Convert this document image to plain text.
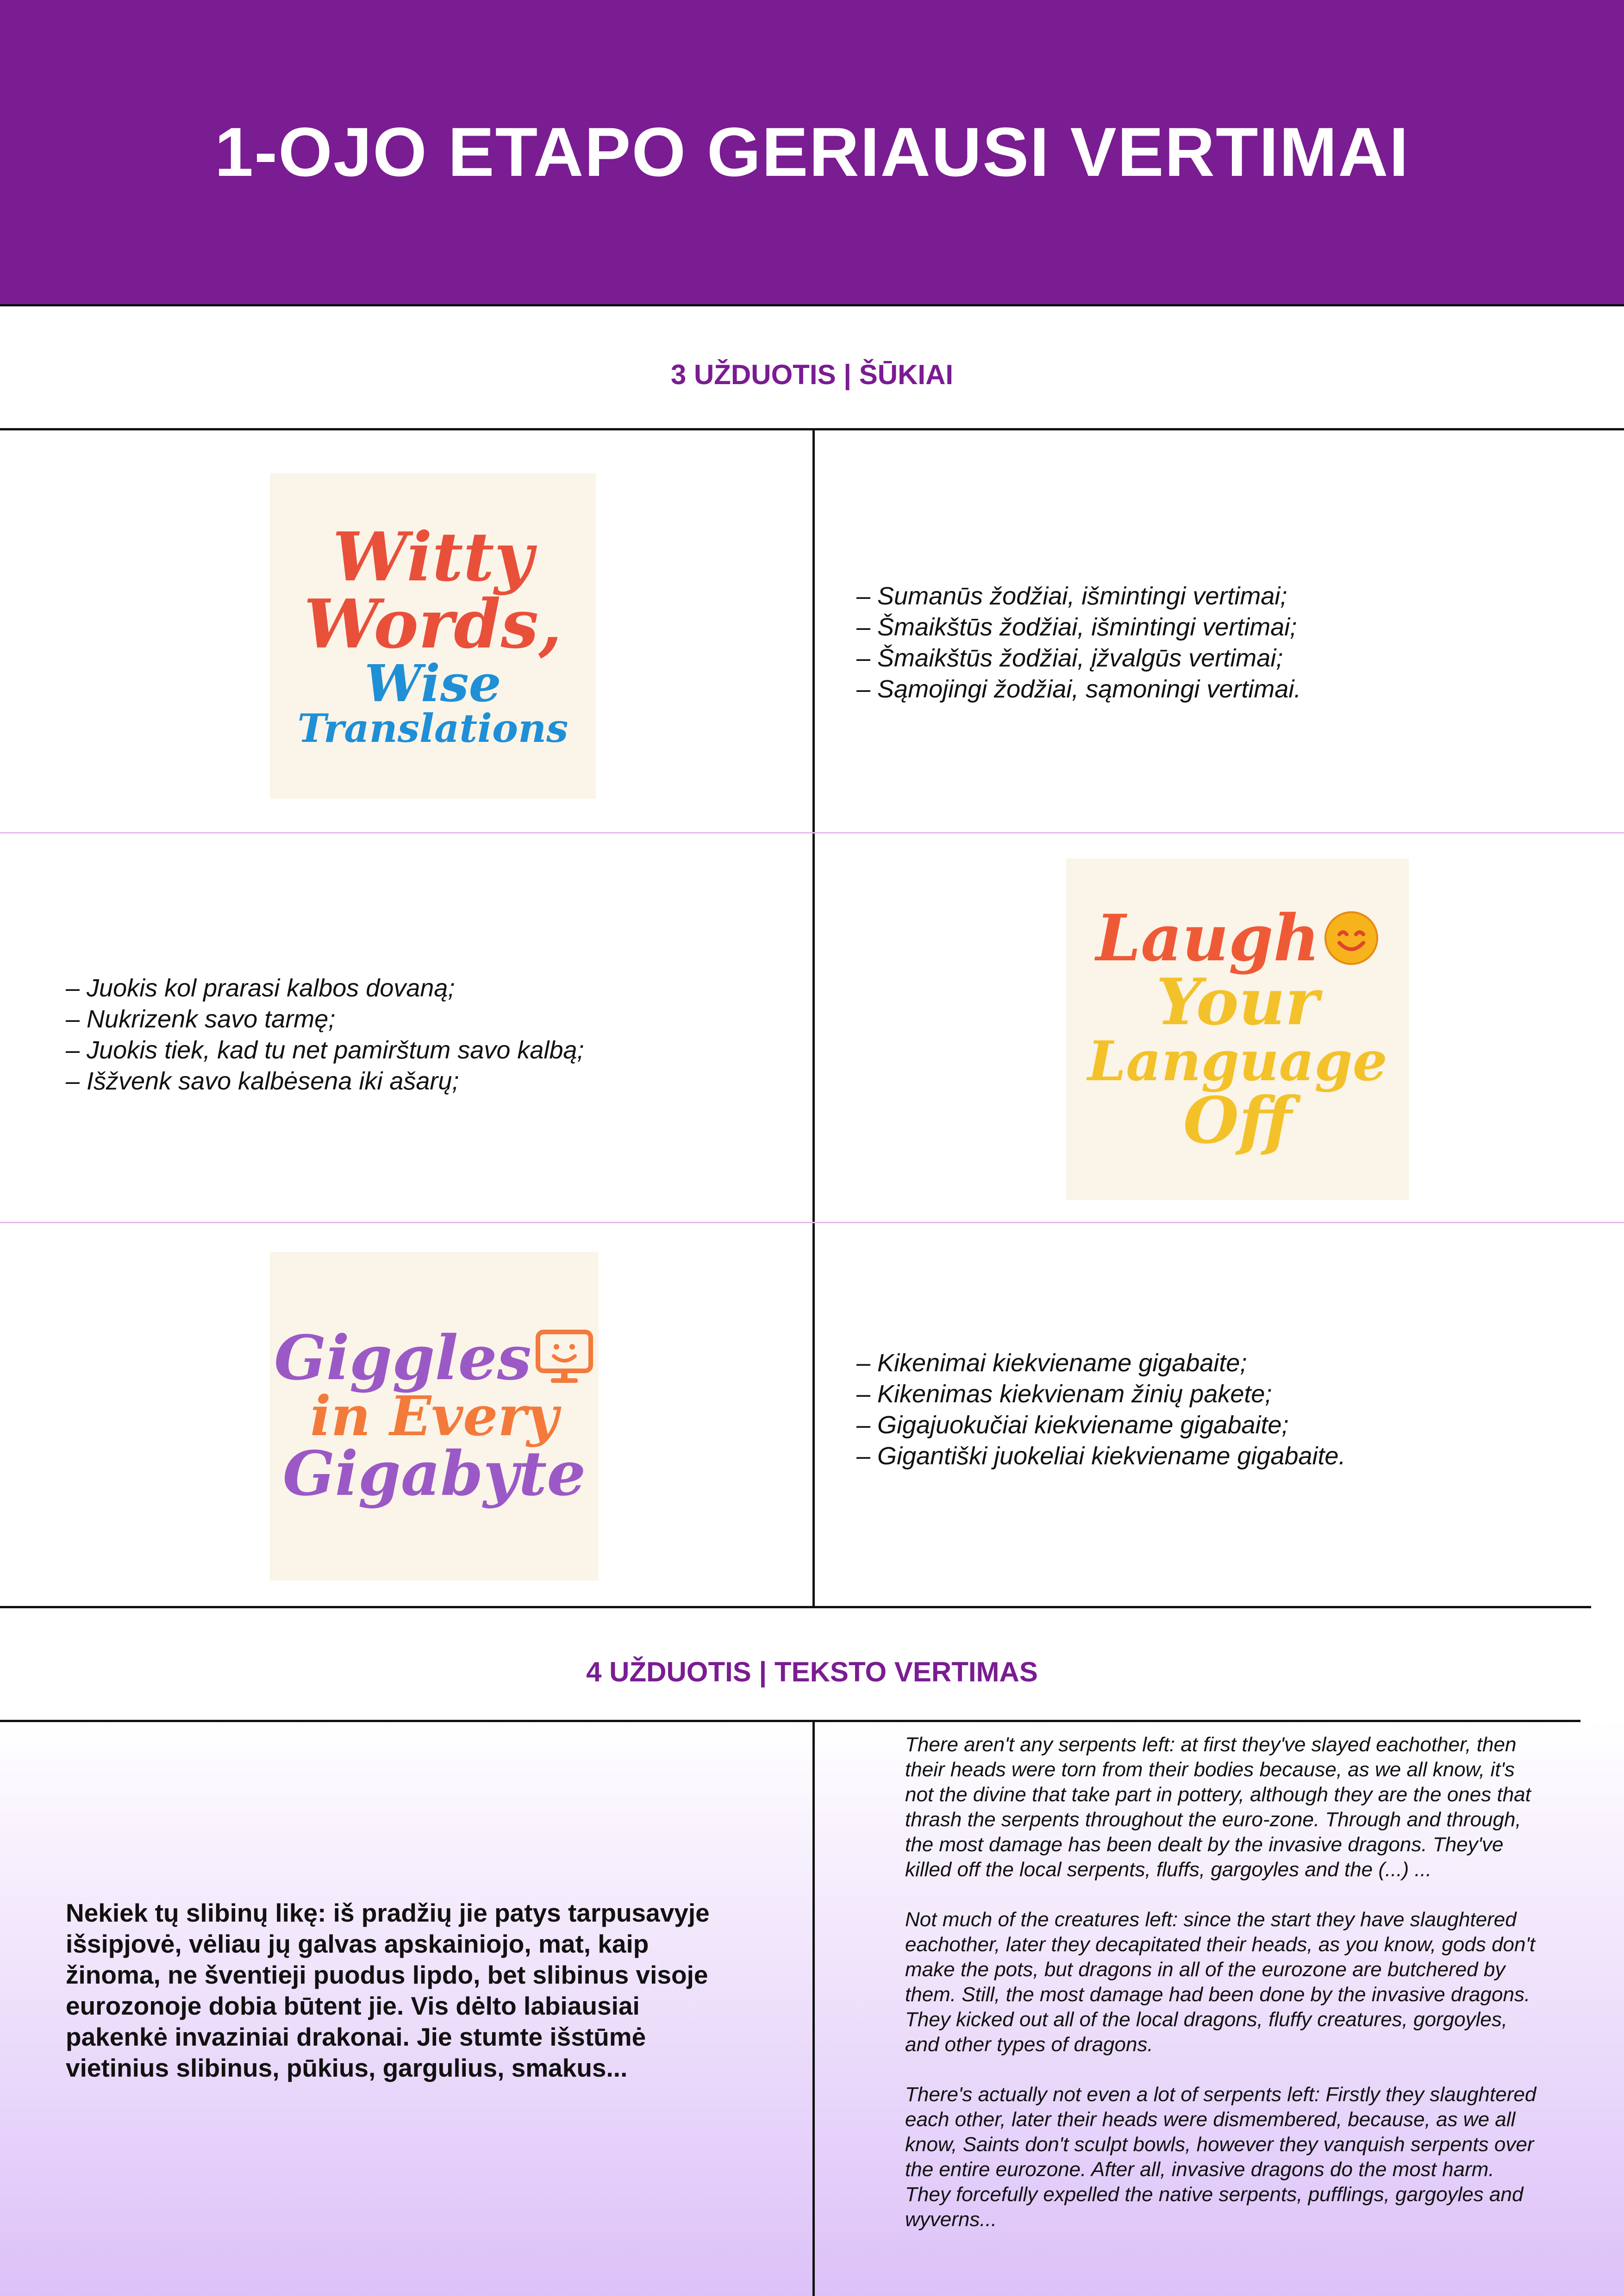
1-OJO ETAPO GERIAUSI VERTIMAI
3 UŽDUOTIS | ŠŪKIAI
Witty
Words,
Wise
Translations
– Sumanūs žodžiai, išmintingi vertimai;
– Šmaikštūs žodžiai, išmintingi vertimai;
– Šmaikštūs žodžiai, įžvalgūs vertimai;
– Sąmojingi žodžiai, sąmoningi vertimai.
– Juokis kol prarasi kalbos dovaną;
– Nukrizenk savo tarmę;
– Juokis tiek, kad tu net pamirštum savo kalbą;
– Išžvenk savo kalbėsena iki ašarų;
Laugh
Your
Language
Off
Giggles
in Every
Gigabyte
– Kikenimai kiekviename gigabaite;
– Kikenimas kiekvienam žinių pakete;
– Gigajuokučiai kiekviename gigabaite;
– Gigantiški juokeliai kiekviename gigabaite.
4 UŽDUOTIS | TEKSTO VERTIMAS
Nekiek tų slibinų likę: iš pradžių jie patys tarpusavyje išsipjovė, vėliau jų galvas apskainiojo, mat, kaip žinoma, ne šventieji puodus lipdo, bet slibinus visoje eurozonoje dobia būtent jie. Vis dėlto labiausiai pakenkė invaziniai drakonai. Jie stumte išstūmė vietinius slibinus, pūkius, gargulius, smakus...

There aren't any serpents left: at first they've slayed eachother, then their heads were torn from their bodies because, as we all know, it's not the divine that take part in pottery, although they are the ones that thrash the serpents throughout the euro-zone. Through and through, the most damage has been dealt by the invasive dragons. They've killed off the local serpents, fluffs, gargoyles and the (...) ...

Not much of the creatures left: since the start they have slaughtered eachother, later they decapitated their heads, as you know, gods don't make the pots, but dragons in all of the eurozone are butchered by them. Still, the most damage had been done by the invasive dragons. They kicked out all of the local dragons, fluffy creatures, gorgoyles, and other types of dragons.

There's actually not even a lot of serpents left: Firstly they slaughtered each other, later their heads were dismembered, because, as we all know, Saints don't sculpt bowls, however they vanquish serpents over the entire eurozone. After all, invasive dragons do the most harm. They forcefully expelled the native serpents, pufflings, gargoyles and wyverns...
